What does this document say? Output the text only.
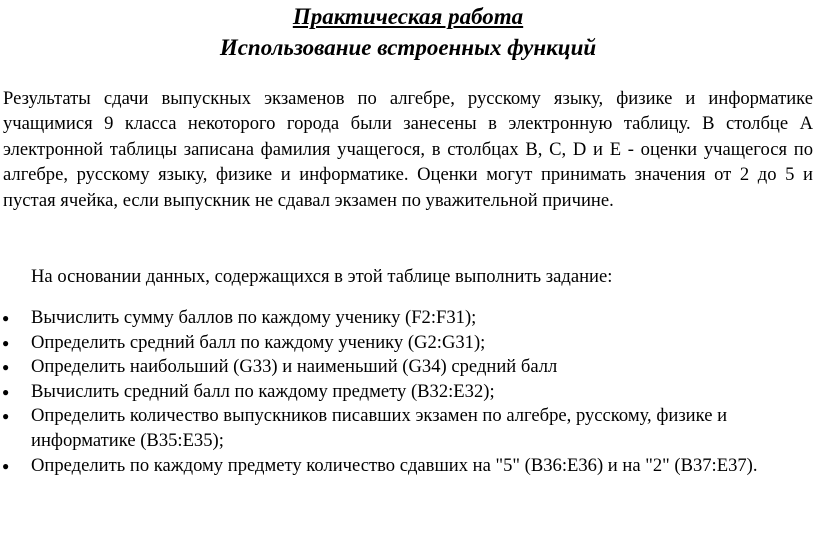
Практическая работа
Использование встроенных функций
Результаты сдачи выпускных экзаменов по алгебре, русскому языку, физике и информатике учащимися 9 класса некоторого города были занесены в электронную таблицу. В столбце А электронной таблицы записана фамилия учащегося, в столбцах B, C, D и E - оценки учащегося по алгебре, русскому языку, физике и информатике. Оценки могут принимать значения от 2 до 5 и пустая ячейка, если выпускник не сдавал экзамен по уважительной причине.
На основании данных, содержащихся в этой таблице выполнить задание:
● Вычислить сумму баллов по каждому ученику (F2:F31);
● Определить средний балл по каждому ученику (G2:G31);
● Определить наибольший (G33) и наименьший (G34) средний балл
● Вычислить средний балл по каждому предмету (B32:E32);
● Определить количество выпускников писавших экзамен по алгебре, русскому, физике и информатике (B35:E35);
● Определить по каждому предмету количество сдавших на "5" (B36:E36) и на "2" (B37:E37).
